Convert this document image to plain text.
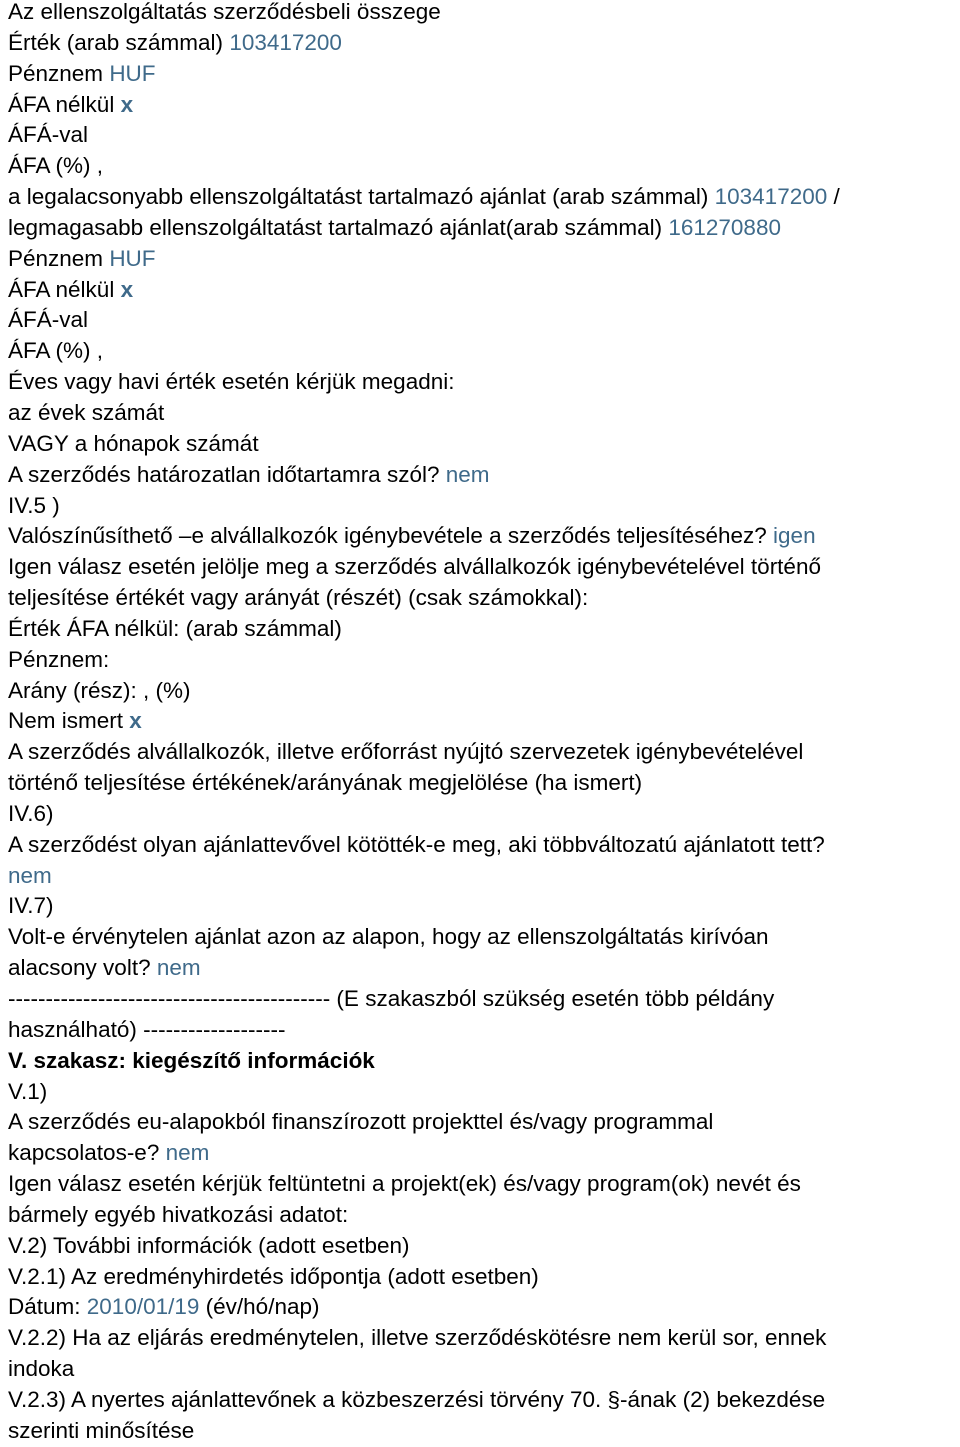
Az ellenszolgáltatás szerződésbeli összege
Érték (arab számmal) 103417200
Pénznem HUF
ÁFA nélkül x
ÁFÁ-val
ÁFA (%) ,
a legalacsonyabb ellenszolgáltatást tartalmazó ajánlat (arab számmal) 103417200 /
legmagasabb ellenszolgáltatást tartalmazó ajánlat(arab számmal) 161270880
Pénznem HUF
ÁFA nélkül x
ÁFÁ-val
ÁFA (%) ,
Éves vagy havi érték esetén kérjük megadni:
az évek számát
VAGY a hónapok számát
A szerződés határozatlan időtartamra szól? nem
IV.5 )
Valószínűsíthető –e alvállalkozók igénybevétele a szerződés teljesítéséhez? igen
Igen válasz esetén jelölje meg a szerződés alvállalkozók igénybevételével történő
teljesítése értékét vagy arányát (részét) (csak számokkal):
Érték ÁFA nélkül: (arab számmal)
Pénznem:
Arány (rész): , (%)
Nem ismert x
A szerződés alvállalkozók, illetve erőforrást nyújtó szervezetek igénybevételével
történő teljesítése értékének/arányának megjelölése (ha ismert)
IV.6)
A szerződést olyan ajánlattevővel kötötték-e meg, aki többváltozatú ajánlatott tett?
nem
IV.7)
Volt-e érvénytelen ajánlat azon az alapon, hogy az ellenszolgáltatás kirívóan
alacsony volt? nem
------------------------------------------- (E szakaszból szükség esetén több példány
használható) -------------------
V. szakasz: kiegészítő információk
V.1)
A szerződés eu-alapokból finanszírozott projekttel és/vagy programmal
kapcsolatos-e? nem
Igen válasz esetén kérjük feltüntetni a projekt(ek) és/vagy program(ok) nevét és
bármely egyéb hivatkozási adatot:
V.2) További információk (adott esetben)
V.2.1) Az eredményhirdetés időpontja (adott esetben)
Dátum: 2010/01/19 (év/hó/nap)
V.2.2) Ha az eljárás eredménytelen, illetve szerződéskötésre nem kerül sor, ennek
indoka
V.2.3) A nyertes ajánlattevőnek a közbeszerzési törvény 70. §-ának (2) bekezdése
szerinti minősítése
